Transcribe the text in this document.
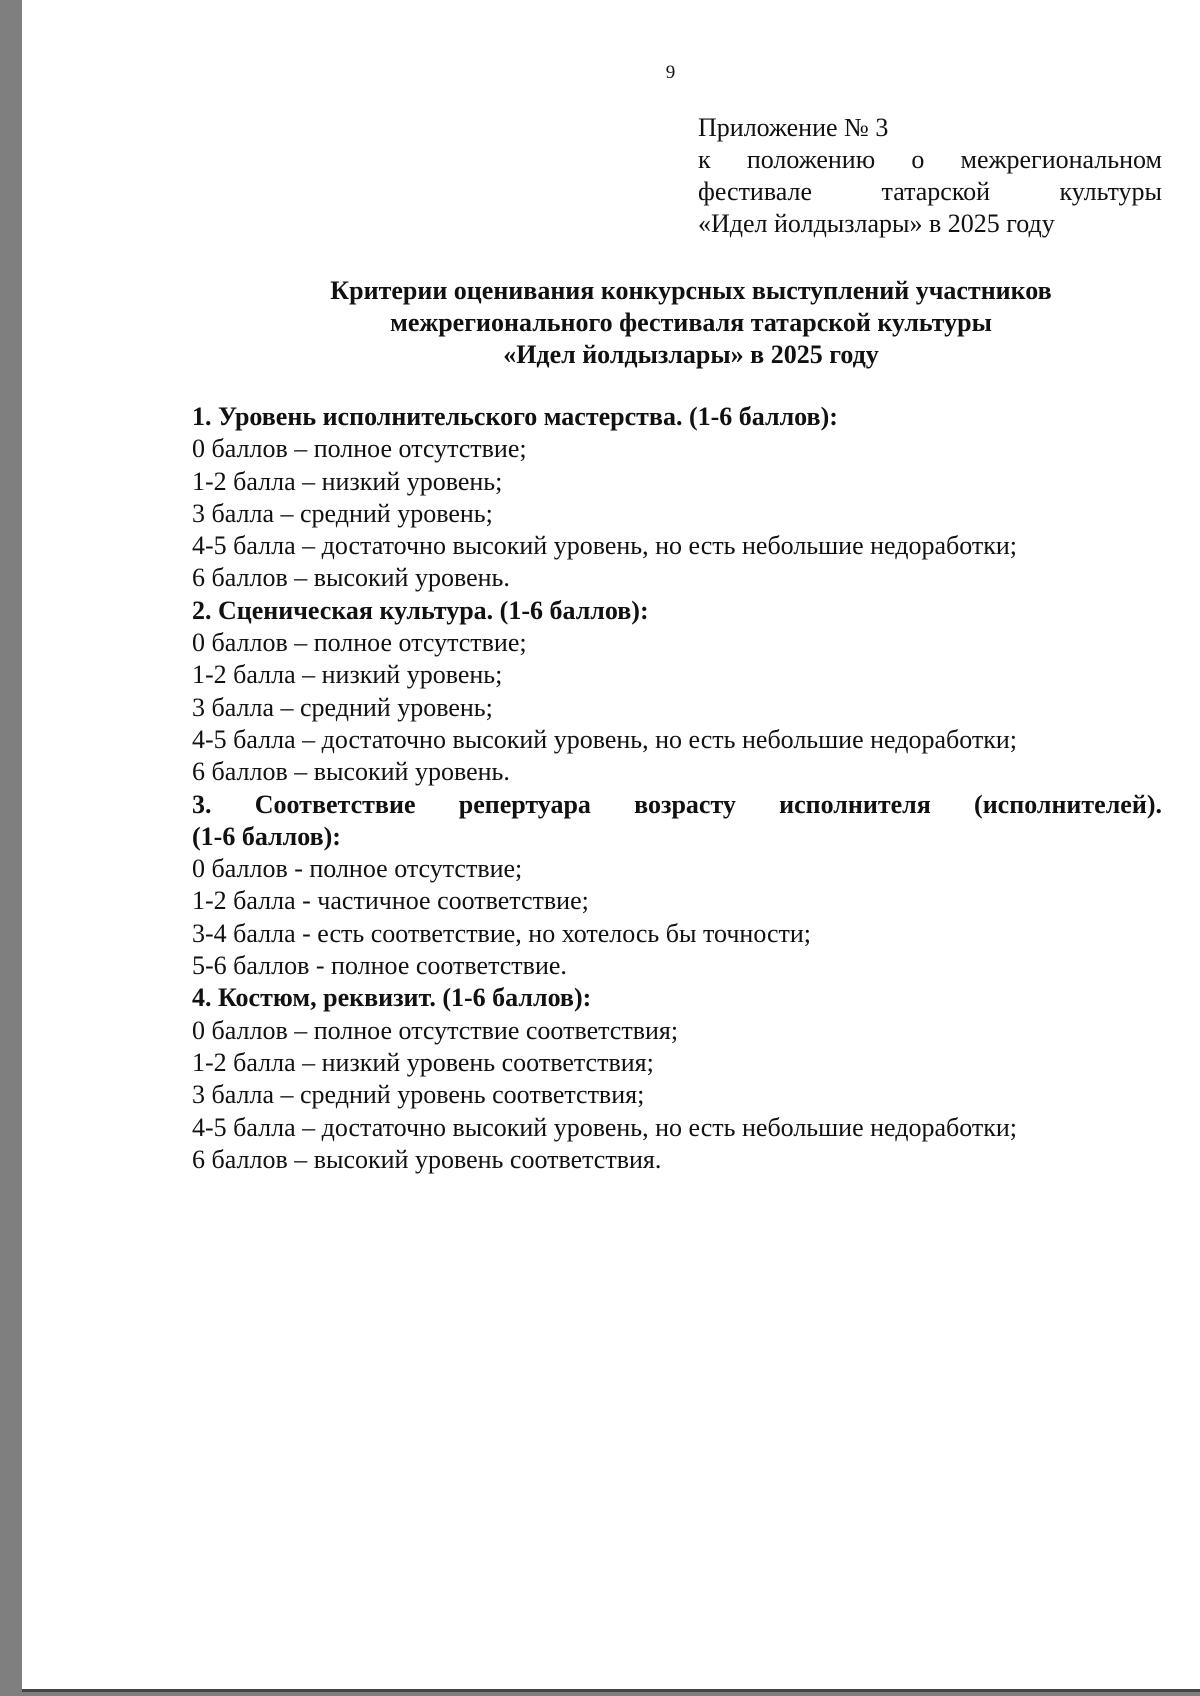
9
Приложение № 3
к положению о межрегиональном
фестивале татарской культуры
«Идел йолдызлары» в 2025 году
Критерии оценивания конкурсных выступлений участников
межрегионального фестиваля татарской культуры
«Идел йолдызлары» в 2025 году
1. Уровень исполнительского мастерства. (1-6 баллов):
0 баллов – полное отсутствие;
1-2 балла – низкий уровень;
3 балла – средний уровень;
4-5 балла – достаточно высокий уровень, но есть небольшие недоработки;
6 баллов – высокий уровень.
2. Сценическая культура. (1-6 баллов):
0 баллов – полное отсутствие;
1-2 балла – низкий уровень;
3 балла – средний уровень;
4-5 балла – достаточно высокий уровень, но есть небольшие недоработки;
6 баллов – высокий уровень.
3. Соответствие репертуара возрасту исполнителя (исполнителей).
(1-6 баллов):
0 баллов - полное отсутствие;
1-2 балла - частичное соответствие;
3-4 балла - есть соответствие, но хотелось бы точности;
5-6 баллов - полное соответствие.
4. Костюм, реквизит. (1-6 баллов):
0 баллов – полное отсутствие соответствия;
1-2 балла – низкий уровень соответствия;
3 балла – средний уровень соответствия;
4-5 балла – достаточно высокий уровень, но есть небольшие недоработки;
6 баллов – высокий уровень соответствия.
